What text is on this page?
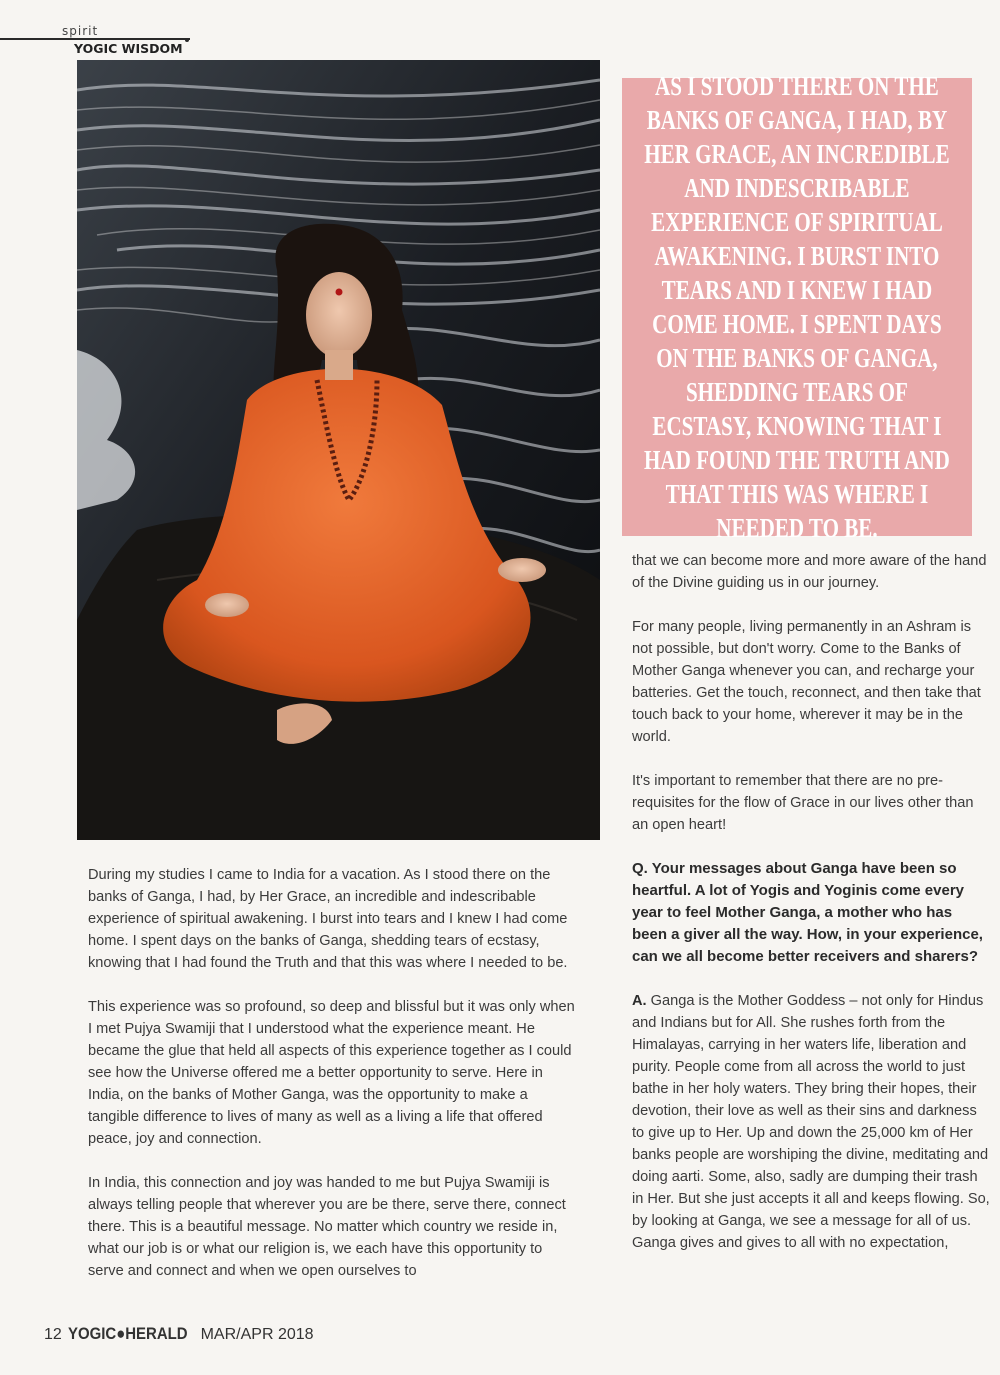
spirit
YOGIC WISDOM

AS I STOOD THERE ON THE BANKS OF GANGA, I HAD, BY HER GRACE, AN INCREDIBLE AND INDESCRIBABLE EXPERIENCE OF SPIRITUAL AWAKENING. I BURST INTO TEARS AND I KNEW I HAD COME HOME. I SPENT DAYS ON THE BANKS OF GANGA, SHEDDING TEARS OF ECSTASY, KNOWING THAT I HAD FOUND THE TRUTH AND THAT THIS WAS WHERE I NEEDED TO BE.

During my studies I came to India for a vacation. As I stood there on the banks of Ganga, I had, by Her Grace, an incredible and indescribable experience of spiritual awakening. I burst into tears and I knew I had come home. I spent days on the banks of Ganga, shedding tears of ecstasy, knowing that I had found the Truth and that this was where I needed to be.

This experience was so profound, so deep and blissful but it was only when I met Pujya Swamiji that I understood what the experience meant. He became the glue that held all aspects of this experience together as I could see how the Universe offered me a better opportunity to serve. Here in India, on the banks of Mother Ganga, was the opportunity to make a tangible difference to lives of many as well as a living a life that offered peace, joy and connection.

In India, this connection and joy was handed to me but Pujya Swamiji is always telling people that wherever you are be there, serve there, connect there. This is a beautiful message. No matter which country we reside in, what our job is or what our religion is, we each have this opportunity to serve and connect and when we open ourselves to

that we can become more and more aware of the hand of the Divine guiding us in our journey.

For many people, living permanently in an Ashram is not possible, but don't worry. Come to the Banks of Mother Ganga whenever you can, and recharge your batteries. Get the touch, reconnect, and then take that touch back to your home, wherever it may be in the world.

It's important to remember that there are no pre-requisites for the flow of Grace in our lives other than an open heart!

Q. Your messages about Ganga have been so heartful. A lot of Yogis and Yoginis come every year to feel Mother Ganga, a mother who has been a giver all the way. How, in your experience, can we all become better receivers and sharers?

A. Ganga is the Mother Goddess – not only for Hindus and Indians but for All. She rushes forth from the Himalayas, carrying in her waters life, liberation and purity. People come from all across the world to just bathe in her holy waters. They bring their hopes, their devotion, their love as well as their sins and darkness to give up to Her. Up and down the 25,000 km of Her banks people are worshiping the divine, meditating and doing aarti. Some, also, sadly are dumping their trash in Her. But she just accepts it all and keeps flowing. So, by looking at Ganga, we see a message for all of us. Ganga gives and gives to all with no expectation,

12 YOGIC●HERALD MAR/APR 2018
